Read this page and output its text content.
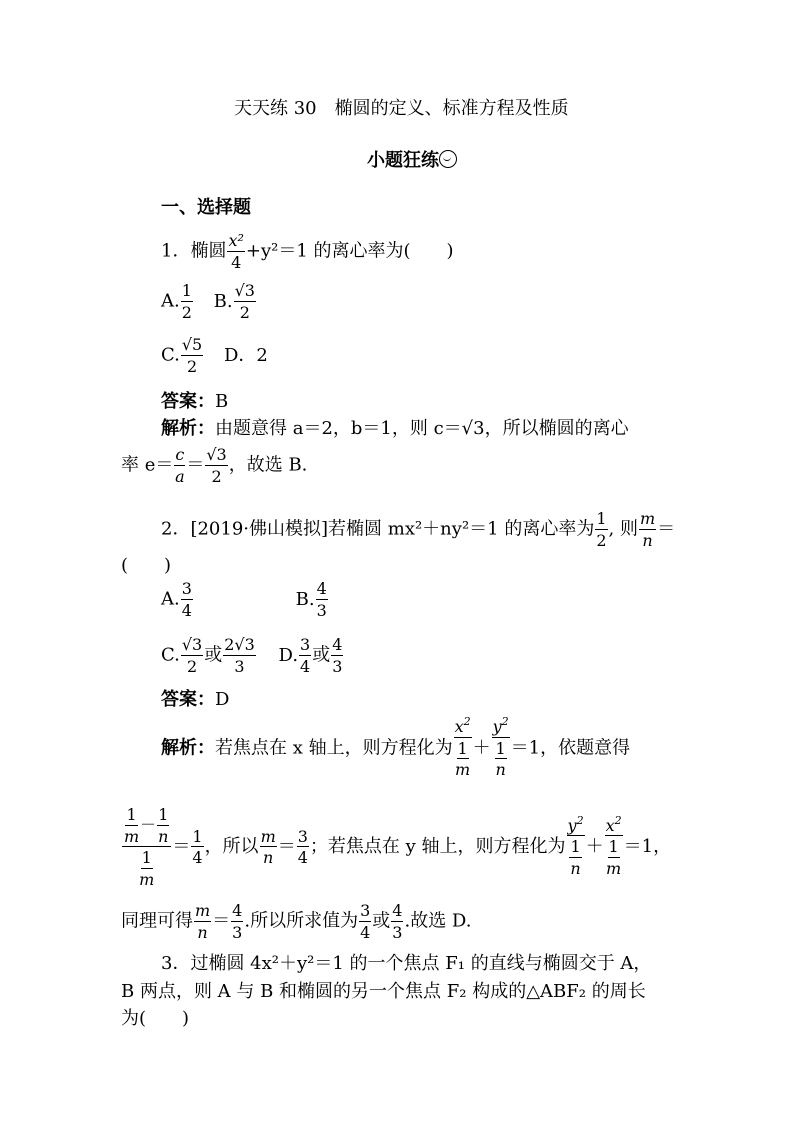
天天练 30　椭圆的定义、标准方程及性质
小题狂练
一、选择题
1．椭圆 $\frac{\text{x²}}{4} +y^2=1$ 的离心率为(　　)
A. $\frac{1}{2} B$. $\frac{√3}{2}$
C. $\frac{√5}{2}$ D．2
答案：B
解析：由题意得 a＝2，b＝1，则 c＝√3，所以椭圆的离心
率 $e= \frac{c}{a} = \frac{√3}{2}$ ，故选 B.
2．[2019·佛山模拟]若椭圆 mx²＋ny²＝1 的离心率为 $\frac{1}{2}$ , 则 $\frac{m}{n}$ ＝
(　　)
A. $\frac{3}{4}$	B. $\frac{4}{3}$
C. $\frac{√3}{2}$ 或 $\frac{2√3}{3} D$. $\frac{3}{4}$ 或 $\frac{4}{3}$
答案：D
解析：若焦点在 x 轴上，则方程化为 $\frac{x^2}{\frac{1}{m}} + \frac{y^2}{\frac{1}{n}} =1$，依题意得
$\frac{\frac{1}{m} - \frac{1}{n}}{\frac{1}{m}} = \frac{1}{4}$ ，所以 $\frac{m}{n} = \frac{3}{4}$ ；若焦点在 y 轴上，则方程化为 $\frac{y^2}{\frac{1}{n}} + \frac{x^2}{\frac{1}{m}} =1$，
同理可得 $\frac{m}{n} = \frac{4}{3}$ .所以所求值为 $\frac{3}{4}$ 或 $\frac{4}{3}$ .故选 D.
3．过椭圆 4x²＋y²＝1 的一个焦点 F₁ 的直线与椭圆交于 A，
B 两点，则 A 与 B 和椭圆的另一个焦点 F₂ 构成的△ABF₂ 的周长
为(　　)
